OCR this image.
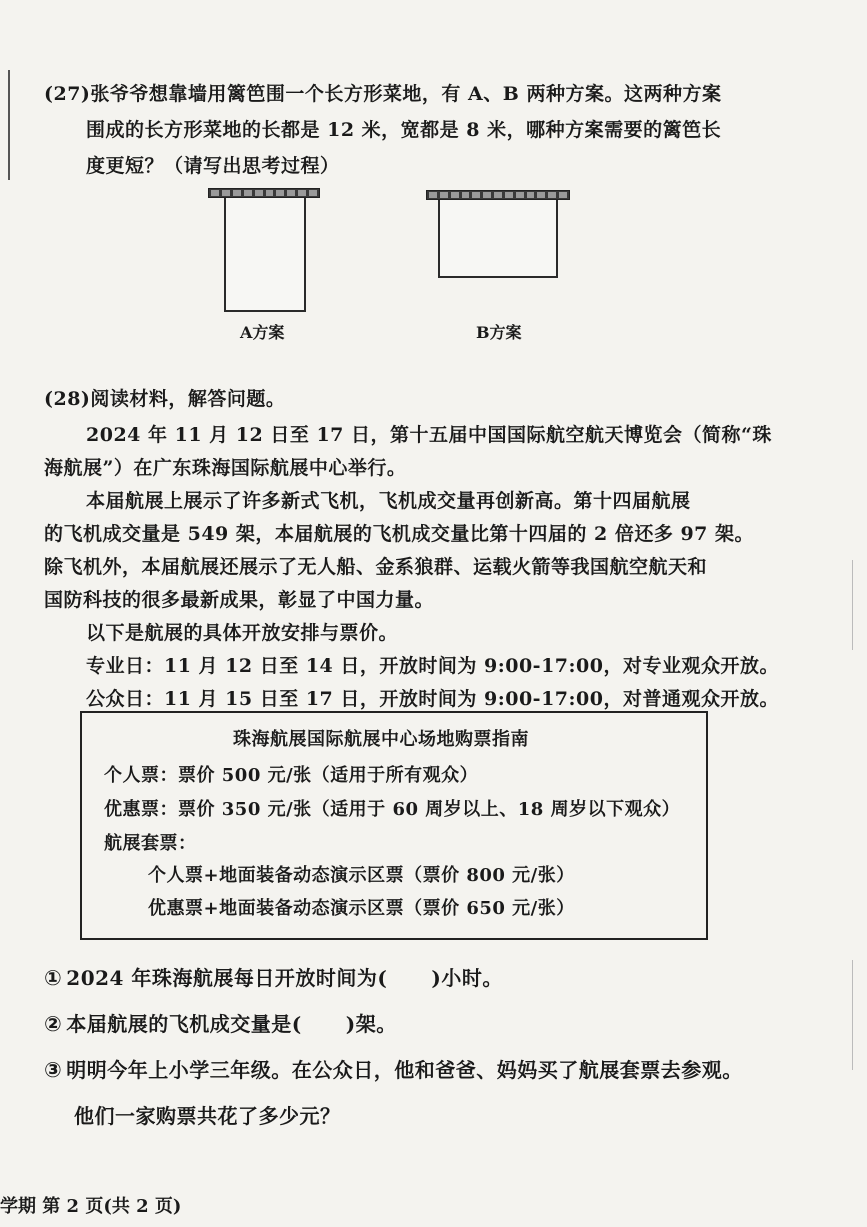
(27)张爷爷想靠墙用篱笆围一个长方形菜地，有 A、B 两种方案。这两种方案
围成的长方形菜地的长都是 12 米，宽都是 8 米，哪种方案需要的篱笆长
度更短？（请写出思考过程）
A方案	B方案
(28)阅读材料，解答问题。
2024 年 11 月 12 日至 17 日，第十五届中国国际航空航天博览会（简称“珠
海航展”）在广东珠海国际航展中心举行。
本届航展上展示了许多新式飞机，飞机成交量再创新高。第十四届航展
的飞机成交量是 549 架，本届航展的飞机成交量比第十四届的 2 倍还多 97 架。
除飞机外，本届航展还展示了无人船、金系狼群、运载火箭等我国航空航天和
国防科技的很多最新成果，彰显了中国力量。
以下是航展的具体开放安排与票价。
专业日：11 月 12 日至 14 日，开放时间为 9:00-17:00，对专业观众开放。
公众日：11 月 15 日至 17 日，开放时间为 9:00-17:00，对普通观众开放。
珠海航展国际航展中心场地购票指南
个人票：票价 500 元/张（适用于所有观众）
优惠票：票价 350 元/张（适用于 60 周岁以上、18 周岁以下观众）
航展套票：
个人票+地面装备动态演示区票（票价 800 元/张）
优惠票+地面装备动态演示区票（票价 650 元/张）
① 2024 年珠海航展每日开放时间为( )小时。
② 本届航展的飞机成交量是( )架。
③ 明明今年上小学三年级。在公众日，他和爸爸、妈妈买了航展套票去参观。
他们一家购票共花了多少元？
学期 第 2 页(共 2 页)
